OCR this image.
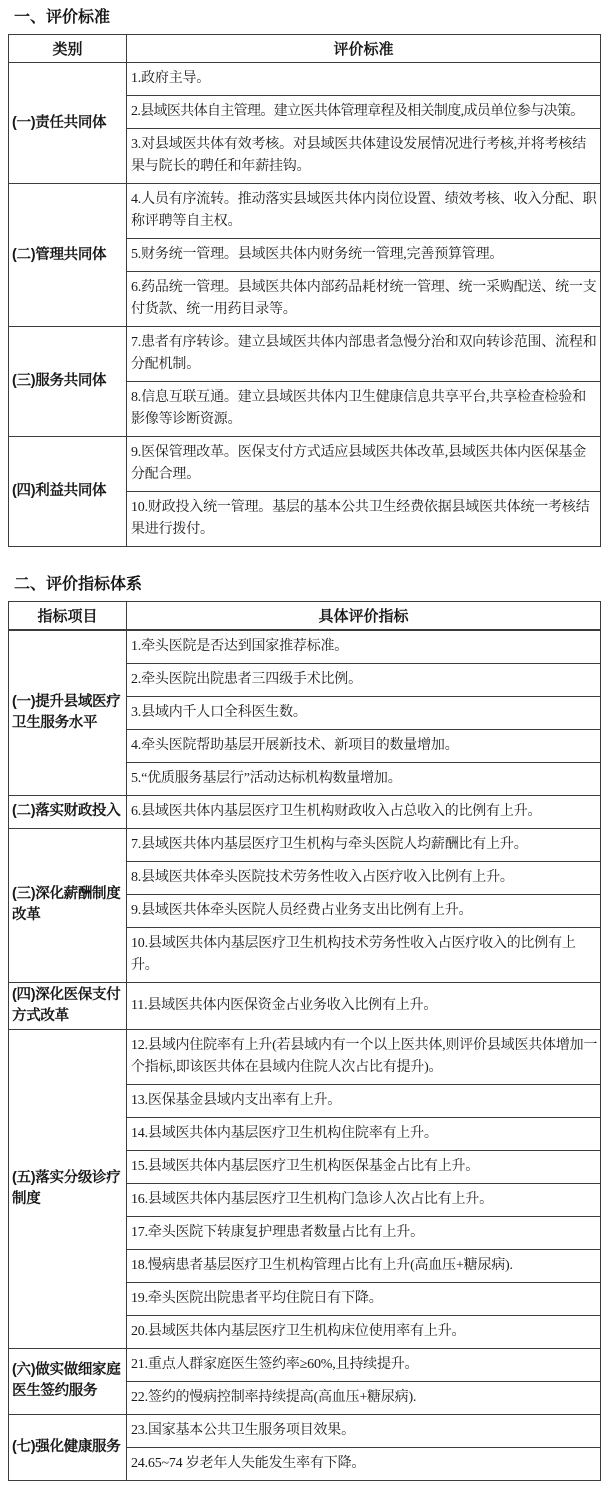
一、评价标准
类别	评价标准
(一)责任共同体	1.政府主导。
	2.县域医共体自主管理。建立医共体管理章程及相关制度,成员单位参与决策。
	3.对县域医共体有效考核。对县域医共体建设发展情况进行考核,并将考核结果与院长的聘任和年薪挂钩。
(二)管理共同体	4.人员有序流转。推动落实县域医共体内岗位设置、绩效考核、收入分配、职称评聘等自主权。
	5.财务统一管理。县域医共体内财务统一管理,完善预算管理。
	6.药品统一管理。县域医共体内部药品耗材统一管理、统一采购配送、统一支付货款、统一用药目录等。
(三)服务共同体	7.患者有序转诊。建立县域医共体内部患者急慢分治和双向转诊范围、流程和分配机制。
	8.信息互联互通。建立县域医共体内卫生健康信息共享平台,共享检查检验和影像等诊断资源。
(四)利益共同体	9.医保管理改革。医保支付方式适应县域医共体改革,县域医共体内医保基金分配合理。
	10.财政投入统一管理。基层的基本公共卫生经费依据县域医共体统一考核结果进行拨付。
二、评价指标体系
指标项目	具体评价指标
(一)提升县域医疗卫生服务水平	1.牵头医院是否达到国家推荐标准。
	2.牵头医院出院患者三四级手术比例。
	3.县域内千人口全科医生数。
	4.牵头医院帮助基层开展新技术、新项目的数量增加。
	5.“优质服务基层行”活动达标机构数量增加。
(二)落实财政投入	6.县域医共体内基层医疗卫生机构财政收入占总收入的比例有上升。
(三)深化薪酬制度改革	7.县域医共体内基层医疗卫生机构与牵头医院人均薪酬比有上升。
	8.县域医共体牵头医院技术劳务性收入占医疗收入比例有上升。
	9.县域医共体牵头医院人员经费占业务支出比例有上升。
	10.县域医共体内基层医疗卫生机构技术劳务性收入占医疗收入的比例有上升。
(四)深化医保支付方式改革	11.县域医共体内医保资金占业务收入比例有上升。
(五)落实分级诊疗制度	12.县域内住院率有上升(若县域内有一个以上医共体,则评价县域医共体增加一个指标,即该医共体在县域内住院人次占比有提升)。
	13.医保基金县域内支出率有上升。
	14.县域医共体内基层医疗卫生机构住院率有上升。
	15.县域医共体内基层医疗卫生机构医保基金占比有上升。
	16.县域医共体内基层医疗卫生机构门急诊人次占比有上升。
	17.牵头医院下转康复护理患者数量占比有上升。
	18.慢病患者基层医疗卫生机构管理占比有上升(高血压+糖尿病).
	19.牵头医院出院患者平均住院日有下降。
	20.县域医共体内基层医疗卫生机构床位使用率有上升。
(六)做实做细家庭医生签约服务	21.重点人群家庭医生签约率≥60%,且持续提升。
	22.签约的慢病控制率持续提高(高血压+糖尿病).
(七)强化健康服务	23.国家基本公共卫生服务项目效果。
	24.65~74 岁老年人失能发生率有下降。
